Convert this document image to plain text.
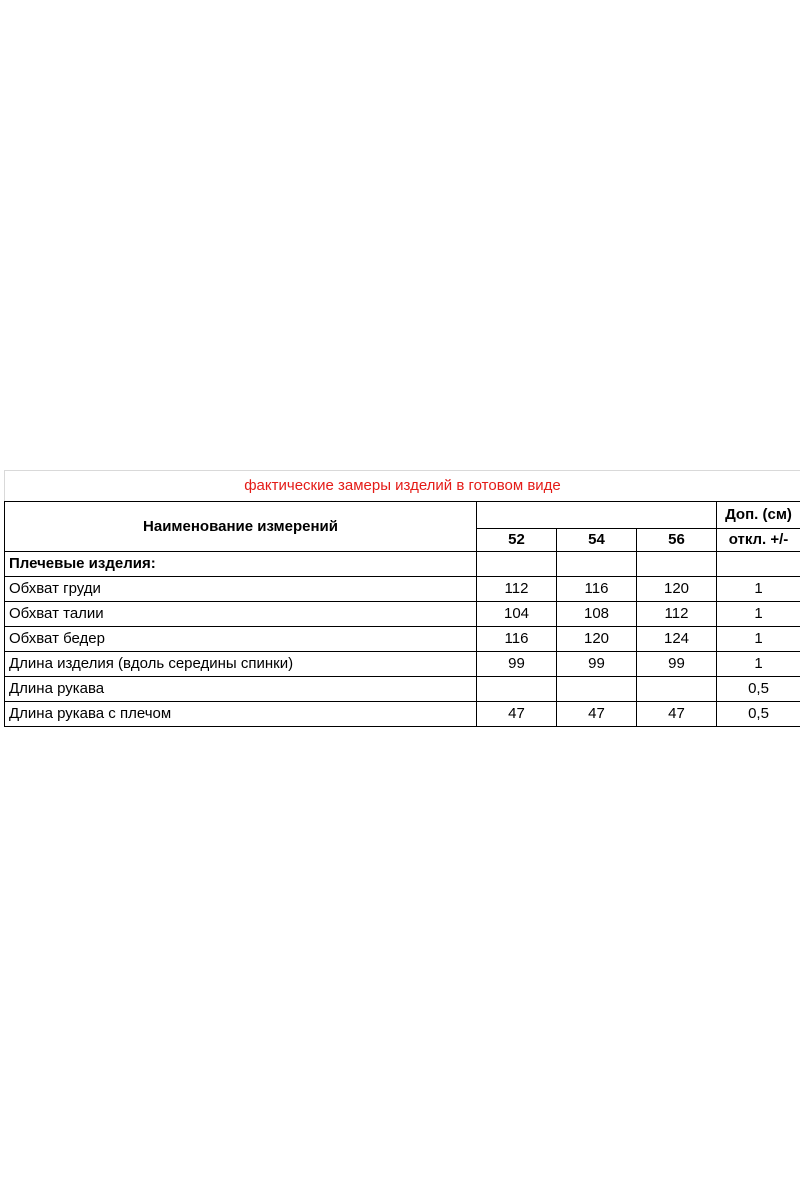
фактические замеры изделий в готовом виде				
Наименование измерений				Доп. (см)
	52	54	56	откл. +/-
Плечевые изделия:				
Обхват груди	112	116	120	1
Обхват талии	104	108	112	1
Обхват бедер	116	120	124	1
Длина изделия (вдоль середины спинки)	99	99	99	1
Длина рукава				0,5
Длина рукава с плечом	47	47	47	0,5
